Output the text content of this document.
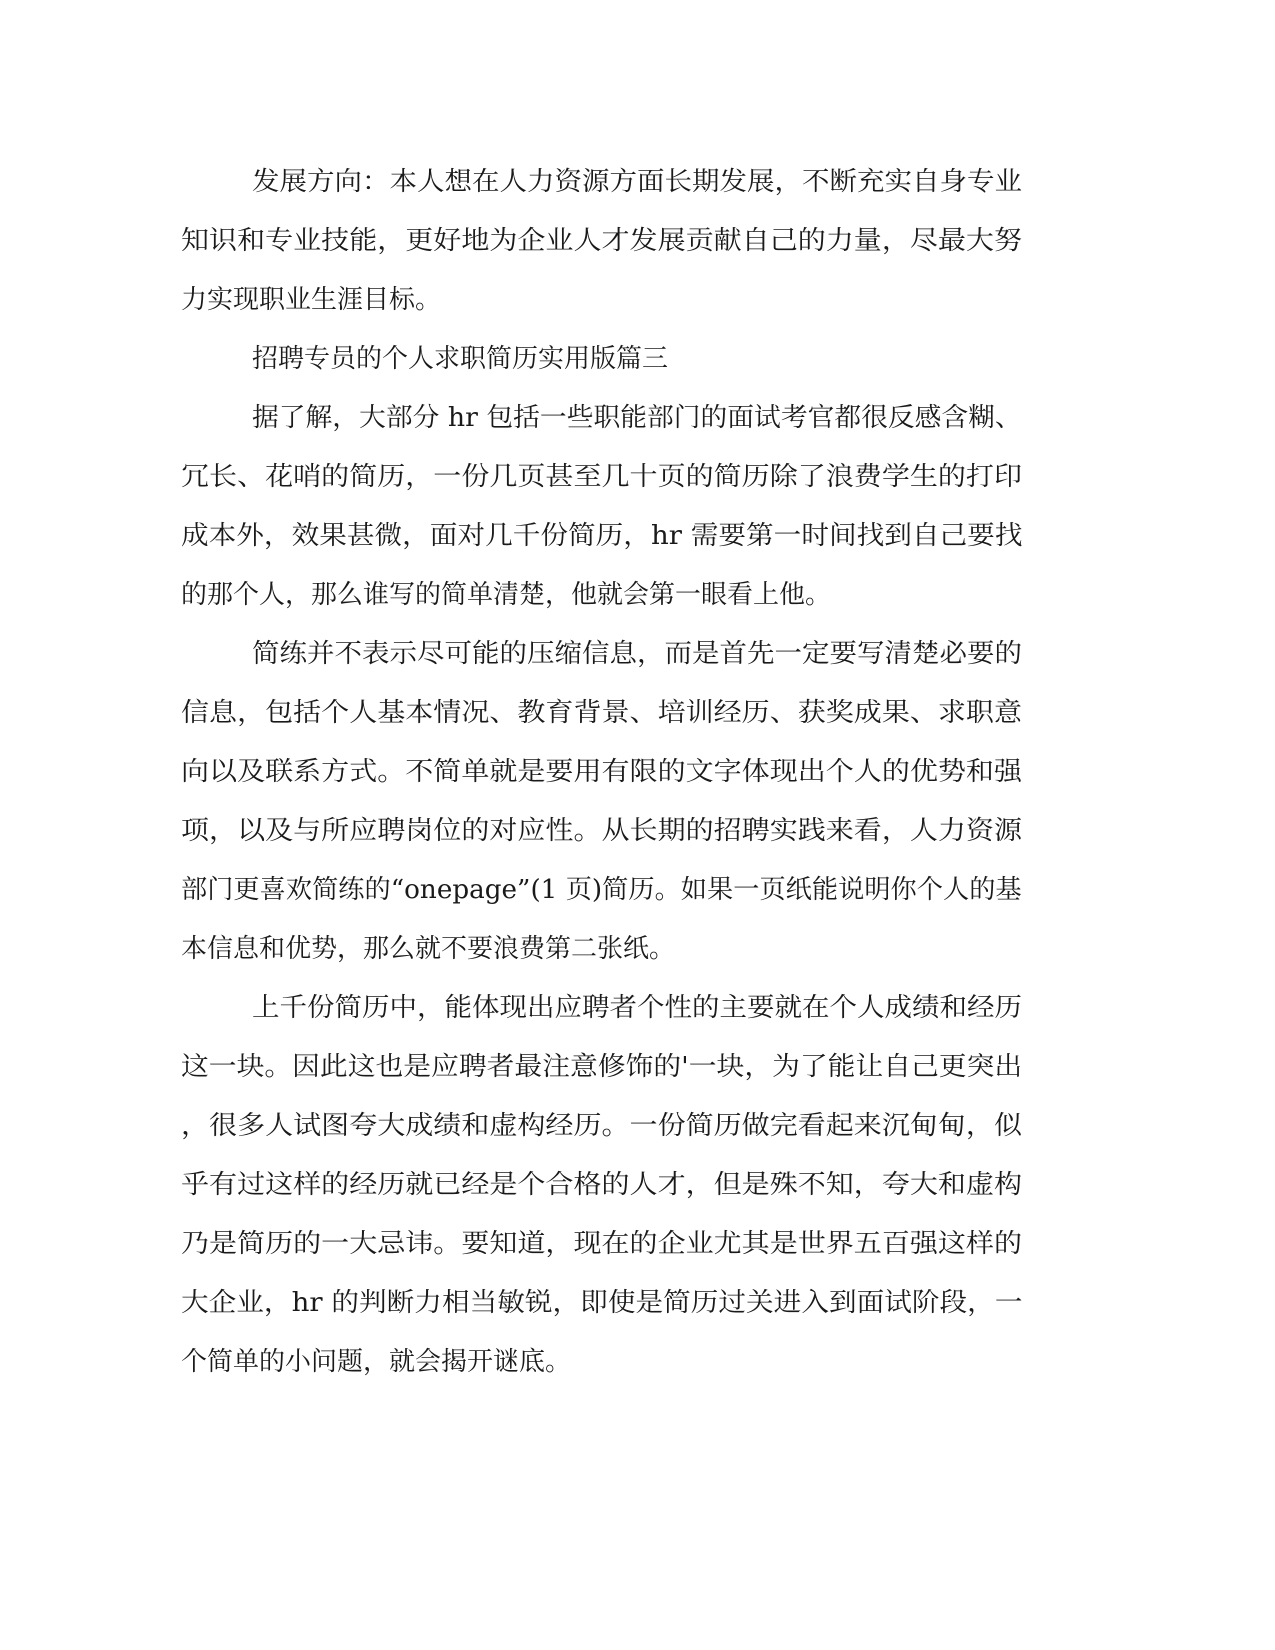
发展方向：本人想在人力资源方面长期发展，不断充实自身专业
知识和专业技能，更好地为企业人才发展贡献自己的力量，尽最大努
力实现职业生涯目标。
招聘专员的个人求职简历实用版篇三
据了解，大部分 hr 包括一些职能部门的面试考官都很反感含糊、
冗长、花哨的简历，一份几页甚至几十页的简历除了浪费学生的打印
成本外，效果甚微，面对几千份简历，hr 需要第一时间找到自己要找
的那个人，那么谁写的简单清楚，他就会第一眼看上他。
简练并不表示尽可能的压缩信息，而是首先一定要写清楚必要的
信息，包括个人基本情况、教育背景、培训经历、获奖成果、求职意
向以及联系方式。不简单就是要用有限的文字体现出个人的优势和强
项，以及与所应聘岗位的对应性。从长期的招聘实践来看，人力资源
部门更喜欢简练的“onepage”(1 页)简历。如果一页纸能说明你个人的基
本信息和优势，那么就不要浪费第二张纸。
上千份简历中，能体现出应聘者个性的主要就在个人成绩和经历
这一块。因此这也是应聘者最注意修饰的'一块，为了能让自己更突出
，很多人试图夸大成绩和虚构经历。一份简历做完看起来沉甸甸，似
乎有过这样的经历就已经是个合格的人才，但是殊不知，夸大和虚构
乃是简历的一大忌讳。要知道，现在的企业尤其是世界五百强这样的
大企业，hr 的判断力相当敏锐，即使是简历过关进入到面试阶段，一
个简单的小问题，就会揭开谜底。
